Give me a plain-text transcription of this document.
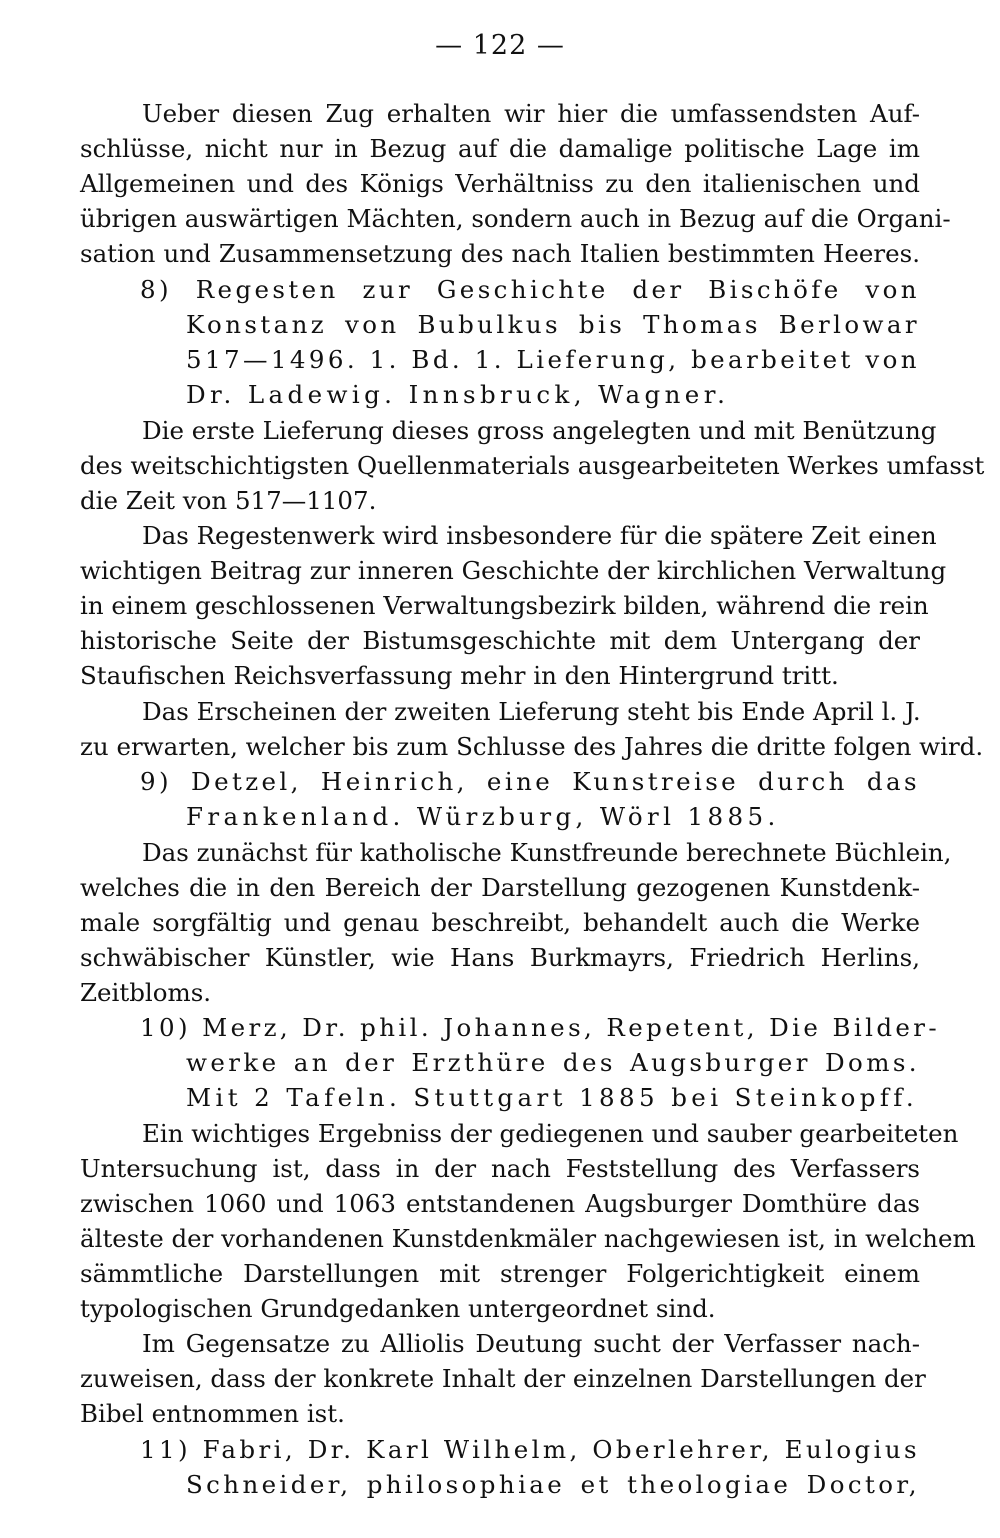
— 122 —
Ueber diesen Zug erhalten wir hier die umfassendsten Auf-
schlüsse, nicht nur in Bezug auf die damalige politische Lage im
Allgemeinen und des Königs Verhältniss zu den italienischen und
übrigen auswärtigen Mächten, sondern auch in Bezug auf die Organi-
sation und Zusammensetzung des nach Italien bestimmten Heeres.
8) Regesten zur Geschichte der Bischöfe von
Konstanz von Bubulkus bis Thomas Berlowar
517—1496. 1. Bd. 1. Lieferung, bearbeitet von
Dr. Ladewig. Innsbruck, Wagner.
Die erste Lieferung dieses gross angelegten und mit Benützung
des weitschichtigsten Quellenmaterials ausgearbeiteten Werkes umfasst
die Zeit von 517—1107.
Das Regestenwerk wird insbesondere für die spätere Zeit einen
wichtigen Beitrag zur inneren Geschichte der kirchlichen Verwaltung
in einem geschlossenen Verwaltungsbezirk bilden, während die rein
historische Seite der Bistumsgeschichte mit dem Untergang der
Staufischen Reichsverfassung mehr in den Hintergrund tritt.
Das Erscheinen der zweiten Lieferung steht bis Ende April l. J.
zu erwarten, welcher bis zum Schlusse des Jahres die dritte folgen wird.
9) Detzel, Heinrich, eine Kunstreise durch das
Frankenland. Würzburg, Wörl 1885.
Das zunächst für katholische Kunstfreunde berechnete Büchlein,
welches die in den Bereich der Darstellung gezogenen Kunstdenk-
male sorgfältig und genau beschreibt, behandelt auch die Werke
schwäbischer Künstler, wie Hans Burkmayrs, Friedrich Herlins,
Zeitbloms.
10) Merz, Dr. phil. Johannes, Repetent, Die Bilder-
werke an der Erzthüre des Augsburger Doms.
Mit 2 Tafeln. Stuttgart 1885 bei Steinkopff.
Ein wichtiges Ergebniss der gediegenen und sauber gearbeiteten
Untersuchung ist, dass in der nach Feststellung des Verfassers
zwischen 1060 und 1063 entstandenen Augsburger Domthüre das
älteste der vorhandenen Kunstdenkmäler nachgewiesen ist, in welchem
sämmtliche Darstellungen mit strenger Folgerichtigkeit einem
typologischen Grundgedanken untergeordnet sind.
Im Gegensatze zu Alliolis Deutung sucht der Verfasser nach-
zuweisen, dass der konkrete Inhalt der einzelnen Darstellungen der
Bibel entnommen ist.
11) Fabri, Dr. Karl Wilhelm, Oberlehrer, Eulogius
Schneider, philosophiae et theologiae Doctor,
